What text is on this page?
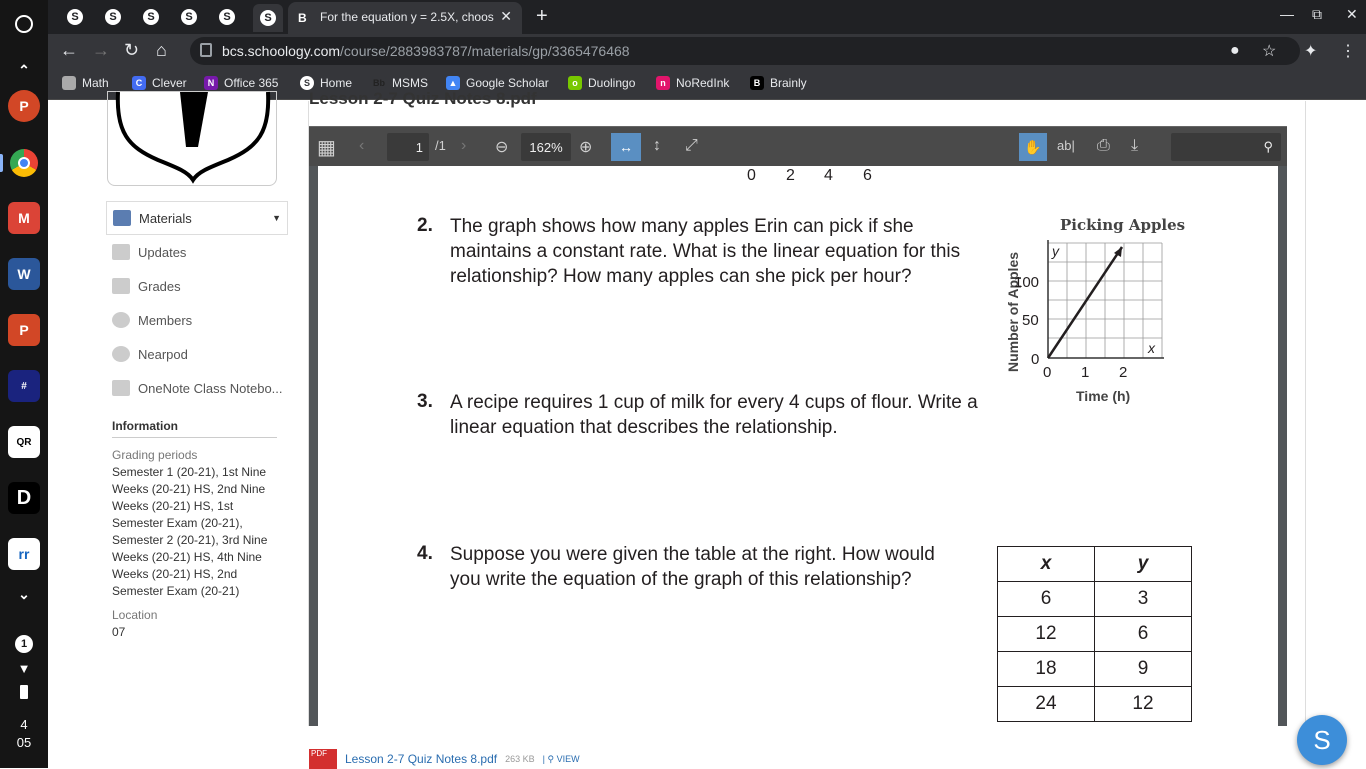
⌃
P
M
W
P
#
QR
D
rr
⌄
1
▼
4
05
S	S	S	S	S	S	B For the equation y = 2.5X, choos ✕ +	— ⧉ ✕
← → ↻ ⌂	bcs.schoology.com/course/2883983787/materials/gp/3365476468	● ☆ ✦ ⋮
Math	C Clever	N Office 365	S Home Bb MSMS ▲ Google Scholar	o Duolingo	n NoRedInk	B Brainly
Materials	▼
Updates
Grades
Members
Nearpod
OneNote Class Notebo...
Information
Grading periods
Semester 1 (20-21), 1st Nine Weeks (20-21) HS, 2nd Nine Weeks (20-21) HS, 1st Semester Exam (20-21), Semester 2 (20-21), 3rd Nine Weeks (20-21) HS, 4th Nine Weeks (20-21) HS, 2nd Semester Exam (20-21)
Location
07
Lesson 2-7 Quiz Notes 8.pdf
▦ ‹	1 /1 › ⊖	162%	⊕	↔	↕ ⤢	✋	ab| ⎙ ⤓	⚲
0 2 4 6
2. The graph shows how many apples Erin can pick if she maintains a constant rate. What is the linear equation for this relationship? How many apples can she pick per hour?
Picking Apples
Number of Apples
y
x
100
50
0
0 1 2
Time (h)
3. A recipe requires 1 cup of milk for every 4 cups of flour. Write a linear equation that describes the relationship.
4. Suppose you were given the table at the right. How would you write the equation of the graph of this relationship?
x	y
6	3
12	6
18	9
24	12
PDF	Lesson 2-7 Quiz Notes 8.pdf 263 KB | ⚲ VIEW
S
